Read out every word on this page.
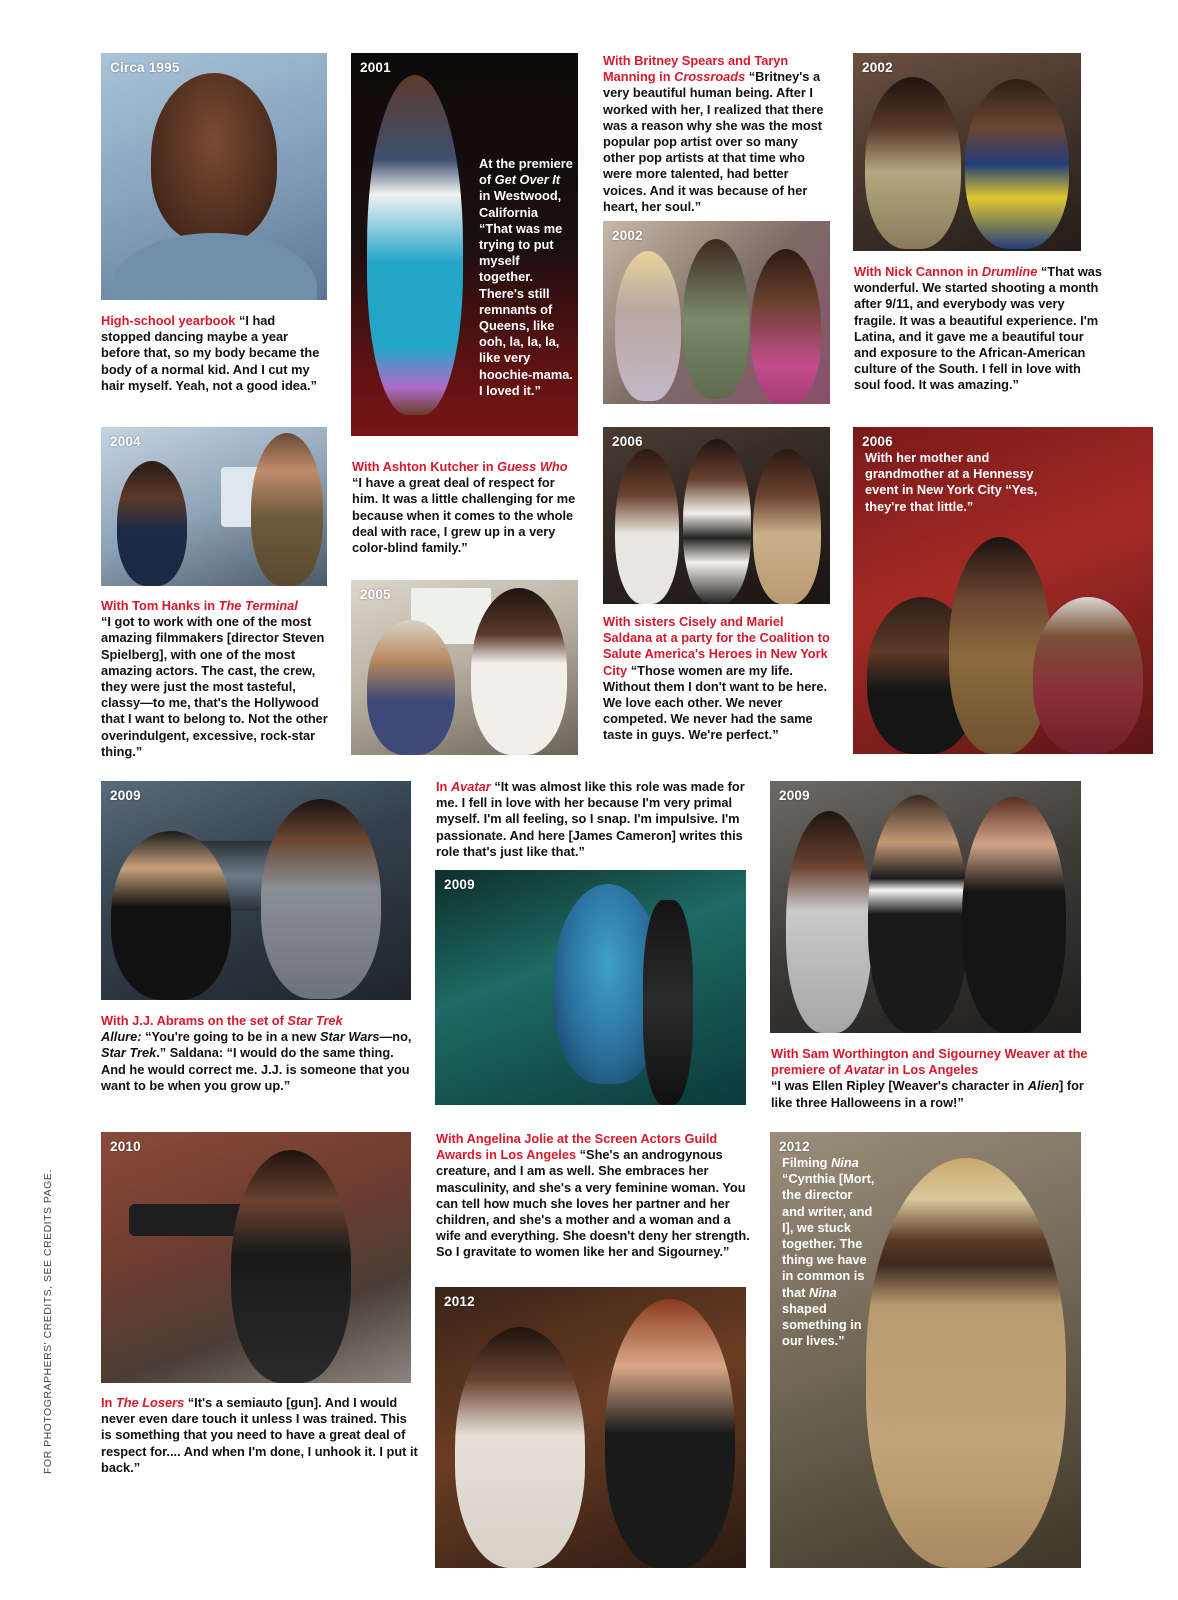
Circa 1995	2001
At the premiere of Get Over It in Westwood, California “That was me trying to put myself together. There's still remnants of Queens, like ooh, la, la, la, like very hoochie-mama. I loved it.”
With Britney Spears and Taryn Manning in Crossroads “Britney's a very beautiful human being. After I worked with her, I realized that there was a reason why she was the most popular pop artist over so many other pop artists at that time who were more talented, had better voices. And it was because of her heart, her soul.”
2002
2002
High-school yearbook “I had stopped dancing maybe a year before that, so my body became the body of a normal kid. And I cut my hair myself. Yeah, not a good idea.”
With Nick Cannon in Drumline “That was wonderful. We started shooting a month after 9/11, and everybody was very fragile. It was a beautiful experience. I'm Latina, and it gave me a beautiful tour and exposure to the African-American culture of the South. I fell in love with soul food. It was amazing.”
2004
With Ashton Kutcher in Guess Who “I have a great deal of respect for him. It was a little challenging for me because when it comes to the whole deal with race, I grew up in a very color-blind family.”
2006	2006
With her mother and grandmother at a Hennessy event in New York City “Yes, they're that little.”
2005
With Tom Hanks in The Terminal
“I got to work with one of the most amazing filmmakers [director Steven Spielberg], with one of the most amazing actors. The cast, the crew, they were just the most tasteful, classy—to me, that's the Hollywood that I want to belong to. Not the other overindulgent, excessive, rock-star thing.”
With sisters Cisely and Mariel Saldana at a party for the Coalition to Salute America's Heroes in New York City “Those women are my life. Without them I don't want to be here. We love each other. We never competed. We never had the same taste in guys. We're perfect.”
2009
In Avatar “It was almost like this role was made for me. I fell in love with her because I'm very primal myself. I'm all feeling, so I snap. I'm impulsive. I'm passionate. And here [James Cameron] writes this role that's just like that.”
2009
2009
With J.J. Abrams on the set of Star Trek
Allure: “You're going to be in a new Star Wars—no, Star Trek.” Saldana: “I would do the same thing. And he would correct me. J.J. is someone that you want to be when you grow up.”
With Sam Worthington and Sigourney Weaver at the premiere of Avatar in Los Angeles
“I was Ellen Ripley [Weaver's character in Alien] for like three Halloweens in a row!”
2010
With Angelina Jolie at the Screen Actors Guild Awards in Los Angeles “She's an androgynous creature, and I am as well. She embraces her masculinity, and she's a very feminine woman. You can tell how much she loves her partner and her children, and she's a mother and a woman and a wife and everything. She doesn't deny her strength. So I gravitate to women like her and Sigourney.”
2012
Filming Nina “Cynthia [Mort, the director and writer, and I], we stuck together. The thing we have in common is that Nina shaped something in our lives.”
2012
In The Losers “It's a semiauto [gun]. And I would never even dare touch it unless I was trained. This is something that you need to have a great deal of respect for.... And when I'm done, I unhook it. I put it back.”
FOR PHOTOGRAPHERS' CREDITS, SEE CREDITS PAGE.
